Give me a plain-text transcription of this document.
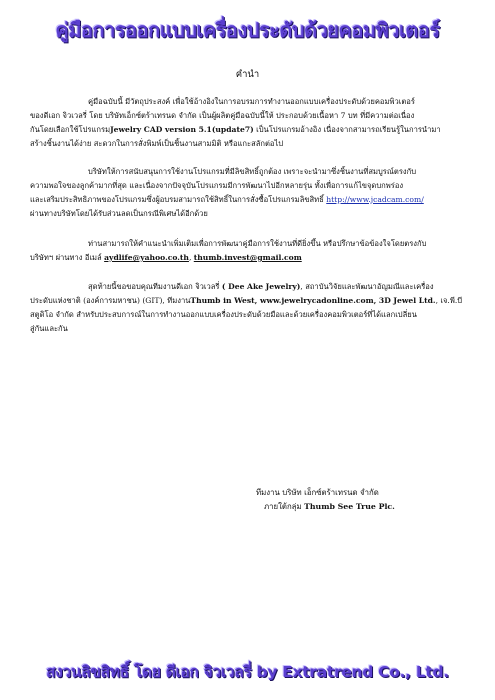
คู่มือการออกแบบเครื่องประดับด้วยคอมพิวเตอร์
คำนำ
คู่มือฉบับนี้ มีวัตถุประสงค์ เพื่อใช้อ้างอิงในการอบรมการทำงานออกแบบเครื่องประดับด้วยคอมพิวเตอร์
ของดีเอก จิวเวลรี่ โดย บริษัทเอ็กซ์ตร้าเทรนด จำกัด เป็นผู้ผลิตคู่มือฉบับนี้ให้ ประกอบด้วยเนื้อหา 7 บท ที่มีความต่อเนื่อง
กันโดยเลือกใช้โปรแกรมJewelry CAD version 5.1(update7) เป็นโปรแกรมอ้างอิง เนื่องจากสามารถเรียนรู้ในการนำมา
สร้างชิ้นงานได้ง่าย สะดวกในการสั่งพิมพ์เป็นชิ้นงานสามมิติ หรือแกะสลักต่อไป
บริษัทให้การสนับสนุนการใช้งานโปรแกรมที่มีลิขสิทธิ์ถูกต้อง เพราะจะนำมาซึ่งชิ้นงานที่สมบูรณ์ตรงกับ
ความพอใจของลูกค้ามากที่สุด และเนื่องจากปัจจุบันโปรแกรมมีการพัฒนาไปอีกหลายรุ่น ทั้งเพื่อการแก้ไขจุดบกพร่อง
และเสริมประสิทธิภาพของโปรแกรมซึ่งผู้อบรมสามารถใช้สิทธิ์ในการสั่งซื้อโปรแกรมลิขสิทธิ์ http://www.jcadcam.com/
ผ่านทางบริษัทโดยได้รับส่วนลดเป็นกรณีพิเศษได้อีกด้วย
ท่านสามารถให้คำแนะนำเพิ่มเติมเพื่อการพัฒนาคู่มือการใช้งานที่ดียิ่งขึ้น หรือปรึกษาข้อข้องใจโดยตรงกับ
บริษัทฯ ผ่านทาง อีเมล์ aydlife@yahoo.co.th, thumb.invest@gmail.com
สุดท้ายนี้ขอขอบคุณทีมงานดีเอก จิวเวลรี่ ( Dee Ake Jewelry), สถาบันวิจัยและพัฒนาอัญมณีและเครื่อง
ประดับแห่งชาติ (องค์การมหาชน) (GIT), ทีมงานThumb in West, www.jewelrycadonline.com, 3D Jewel Ltd., เจ.พี.บี
สตูดิโอ จำกัด สำหรับประสบการณ์ในการทำงานออกแบบเครื่องประดับด้วยมือและด้วยเครื่องคอมพิวเตอร์ที่ได้แลกเปลี่ยน
สู่กันและกัน
ทีมงาน บริษัท เอ็กซ์ตร้าเทรนด จำกัด
ภายใต้กลุ่ม Thumb See True Plc.
สงวนลิขสิทธิ์ โดย ดีเอก จิวเวลรี่ by Extratrend Co., Ltd.
